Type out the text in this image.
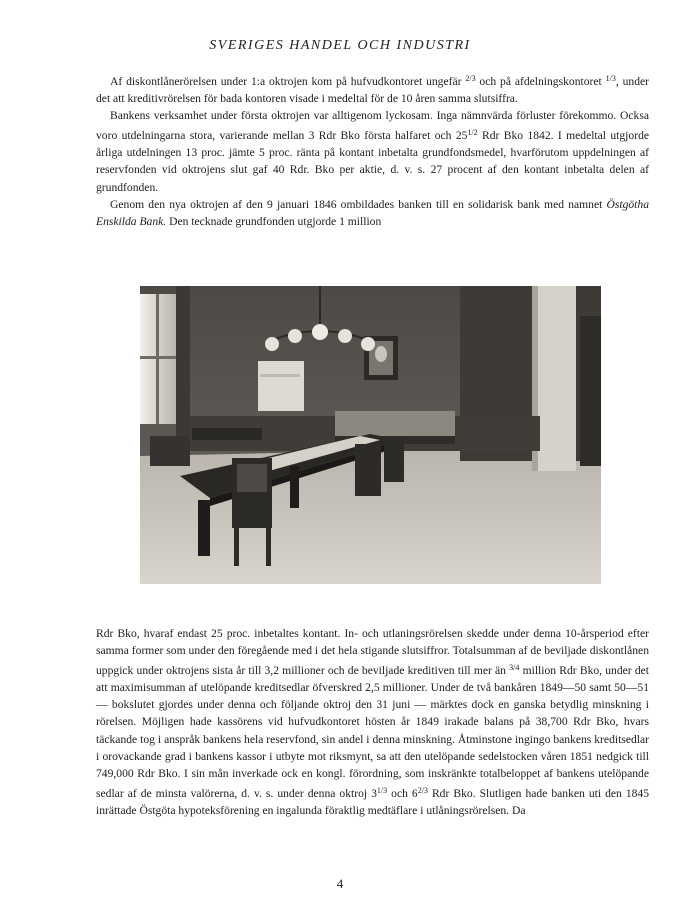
SVERIGES HANDEL OCH INDUSTRI

Af diskontlånerörelsen under 1:a oktrojen kom på hufvudkontoret ungefär $^{2/3}$ och på afdelningskontoret $^{1/3}$, under det att kreditivrörelsen för bada kontoren visade i medeltal för de 10 åren samma slutsiffra.

Bankens verksamhet under första oktrojen var alltigenom lyckosam. Inga nämnvärda förluster förekommo. Ocksa voro utdelningarna stora, varierande mellan 3 Rdr Bko första halfaret och $25^{1/2}$ Rdr Bko 1842. I medeltal utgjorde årliga utdelningen 13 proc. jämte 5 proc. ränta på kontant inbetalta grundfondsmedel, hvarförutom uppdelningen af reservfonden vid oktrojens slut gaf 40 Rdr. Bko per aktie, d. v. s. 27 procent af den kontant inbetalta delen af grundfonden.

Genom den nya oktrojen af den 9 januari 1846 ombildades banken till en solidarisk bank med namnet Östgötha Enskilda Bank. Den tecknade grundfonden utgjorde 1 million

Rdr Bko, hvaraf endast 25 proc. inbetaltes kontant. In- och utlaningsrörelsen skedde under denna 10-årsperiod efter samma former som under den föregående med i det hela stigande slutsiffror. Totalsumman af de beviljade diskontlånen uppgick under oktrojens sista år till 3,2 millioner och de beviljade kreditiven till mer än $^{3/4}$ million Rdr Bko, under det att maximisumman af utelöpande kreditsedlar öfverskred 2,5 millioner. Under de två bankåren 1849—50 samt 50—51 — bokslutet gjordes under denna och följande oktroj den 31 juni — märktes dock en ganska betydlig minskning i rörelsen. Möjligen hade kassörens vid hufvudkontoret hösten år 1849 irakade balans på 38,700 Rdr Bko, hvars täckande tog i anspråk bankens hela reservfond, sin andel i denna minskning. Åtminstone ingingo bankens kreditsedlar i orovackande grad i bankens kassor i utbyte mot riksmynt, sa att den utelöpande sedelstocken våren 1851 nedgick till 749,000 Rdr Bko. I sin mån inverkade ock en kongl. förordning, som inskränkte totalbeloppet af bankens utelöpande sedlar af de minsta valörerna, d. v. s. under denna oktroj $3^{1/3}$ och $6^{2/3}$ Rdr Bko. Slutligen hade banken uti den 1845 inrättade Östgöta hypoteksförening en ingalunda föraktlig medtäflare i utlåningsrörelsen. Da

4
